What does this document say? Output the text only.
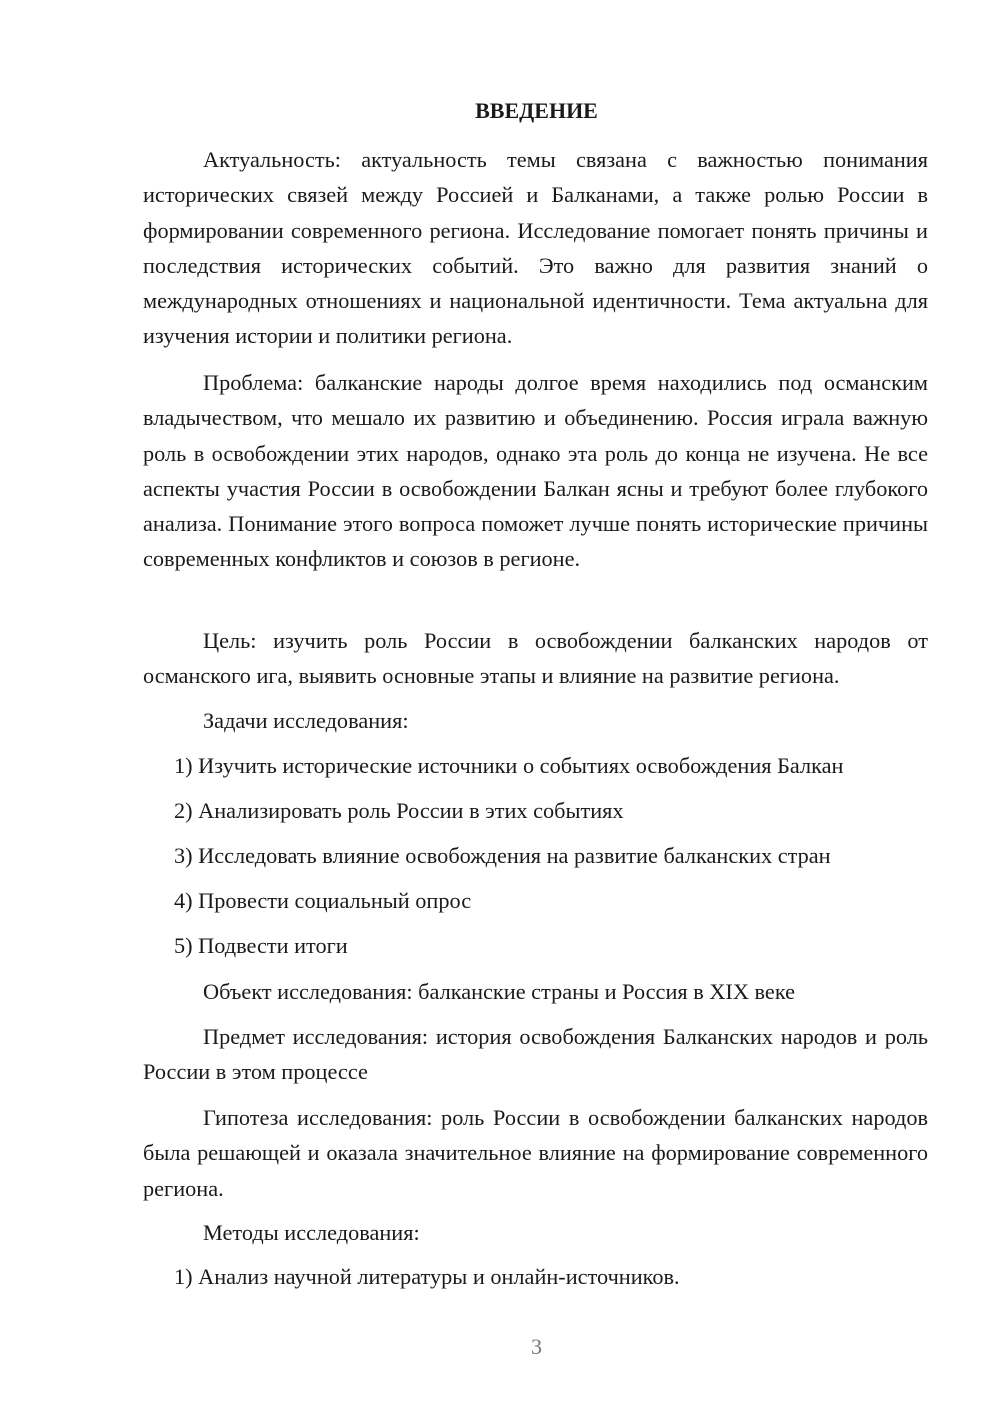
ВВЕДЕНИЕ

Актуальность: актуальность темы связана с важностью понимания исторических связей между Россией и Балканами, а также ролью России в формировании современного региона. Исследование помогает понять причины и последствия исторических событий. Это важно для развития знаний о международных отношениях и национальной идентичности. Тема актуальна для изучения истории и политики региона.

Проблема: балканские народы долгое время находились под османским владычеством, что мешало их развитию и объединению. Россия играла важную роль в освобождении этих народов, однако эта роль до конца не изучена. Не все аспекты участия России в освобождении Балкан ясны и требуют более глубокого анализа. Понимание этого вопроса поможет лучше понять исторические причины современных конфликтов и союзов в регионе.

Цель: изучить роль России в освобождении балканских народов от османского ига, выявить основные этапы и влияние на развитие региона.

Задачи исследования:

1) Изучить исторические источники о событиях освобождения Балкан

2) Анализировать роль России в этих событиях

3) Исследовать влияние освобождения на развитие балканских стран

4) Провести социальный опрос

5) Подвести итоги

Объект исследования: балканские страны и Россия в XIX веке

Предмет исследования: история освобождения Балканских народов и роль России в этом процессе

Гипотеза исследования: роль России в освобождении балканских народов была решающей и оказала значительное влияние на формирование современного региона.

Методы исследования:

1) Анализ научной литературы и онлайн-источников.

3
